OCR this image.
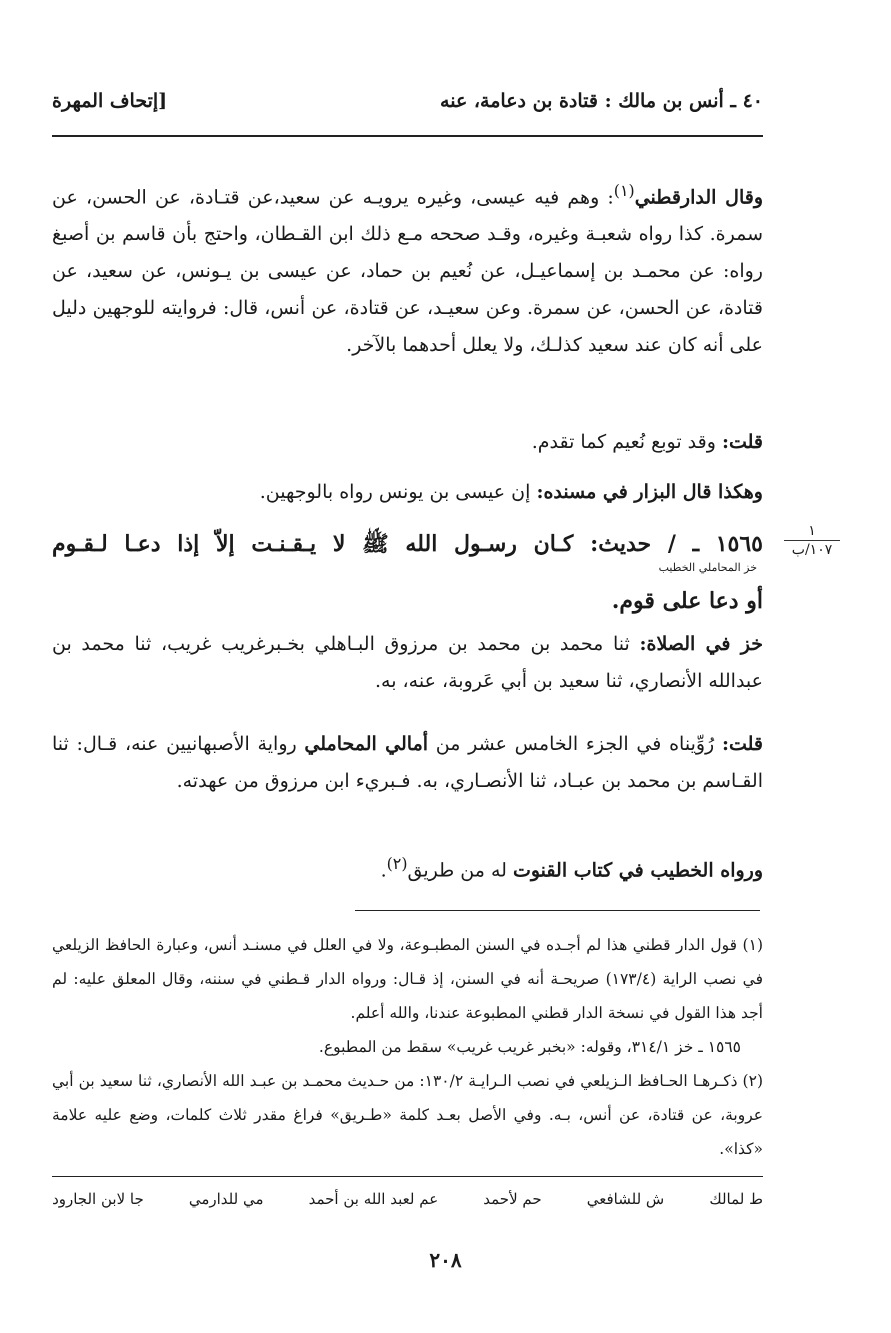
٤٠ ـ أنس بن مالك : قتادة بن دعامة، عنه
[إتحاف المهرة
وقال الدارقطني$^{(١)}$: وهم فيه عيسى، وغيره يرويـه عن سعيد،عن قتـادة، عن الحسن، عن سمرة. كذا رواه شعبـة وغيره، وقـد صححه مـع ذلك ابن القـطان، واحتج بأن قاسم بن أصبغ رواه: عن محمـد بن إسماعيـل، عن نُعيم بن حماد، عن عيسى بن يـونس، عن سعيد، عن قتادة، عن الحسن، عن سمرة. وعن سعيـد، عن قتادة، عن أنس، قال: فروايته للوجهين دليل على أنه كان عند سعيد كذلـك، ولا يعلل أحدهما بالآخر.
قلت: وقد توبع نُعيم كما تقدم.
وهكذا قال البزار في مسنده: إن عيسى بن يونس رواه بالوجهين.
١٥٦٥ ـ / حديث: كـان رسـول الله ﷺ لا يـقـنـت إلاّ إذا دعـا لـقـوم
خز المحاملي الخطيب
أو دعا على قوم.
١
١٠٧/ب
خز في الصلاة: ثنا محمد بن محمد بن مرزوق البـاهلي بخـبرغريب غريب، ثنا محمد بن عبدالله الأنصاري، ثنا سعيد بن أبي عَروبة، عنه، به.
قلت: رُوِّيناه في الجزء الخامس عشر من أمالي المحاملي رواية الأصبهانيين عنه، قـال: ثنا القـاسم بن محمد بن عبـاد، ثنا الأنصـاري، به. فـبريء ابن مرزوق من عهدته.
ورواه الخطيب في كتاب القنوت له من طريق$^{(٢)}$.

(١) قول الدار قطني هذا لم أجـده في السنن المطبـوعة، ولا في العلل في مسنـد أنس، وعبارة الحافظ الزيلعي في نصب الراية (١٧٣/٤) صريحـة أنه في السنن، إذ قـال: ورواه الدار قـطني في سننه، وقال المعلق عليه: لم أجد هذا القول في نسخة الدار قطني المطبوعة عندنا، والله أعلم.

١٥٦٥ ـ خز ٣١٤/١، وقوله: «بخبر غريب غريب» سقط من المطبوع.

(٢) ذكـرهـا الحـافظ الـزيلعي في نصب الـرايـة ١٣٠/٢: من حـديث محمـد بن عبـد الله الأنصاري، ثنا سعيد بن أبي عروبة، عن قتادة، عن أنس، بـه. وفي الأصل بعـد كلمة «طـريق» فراغ مقدر ثلاث كلمات، وضع عليه علامة «كذا».

ط لمالك
ش للشافعي
حم لأحمد
عم لعبد الله بن أحمد
مي للدارمي
جا لابن الجارود
٢٠٨
